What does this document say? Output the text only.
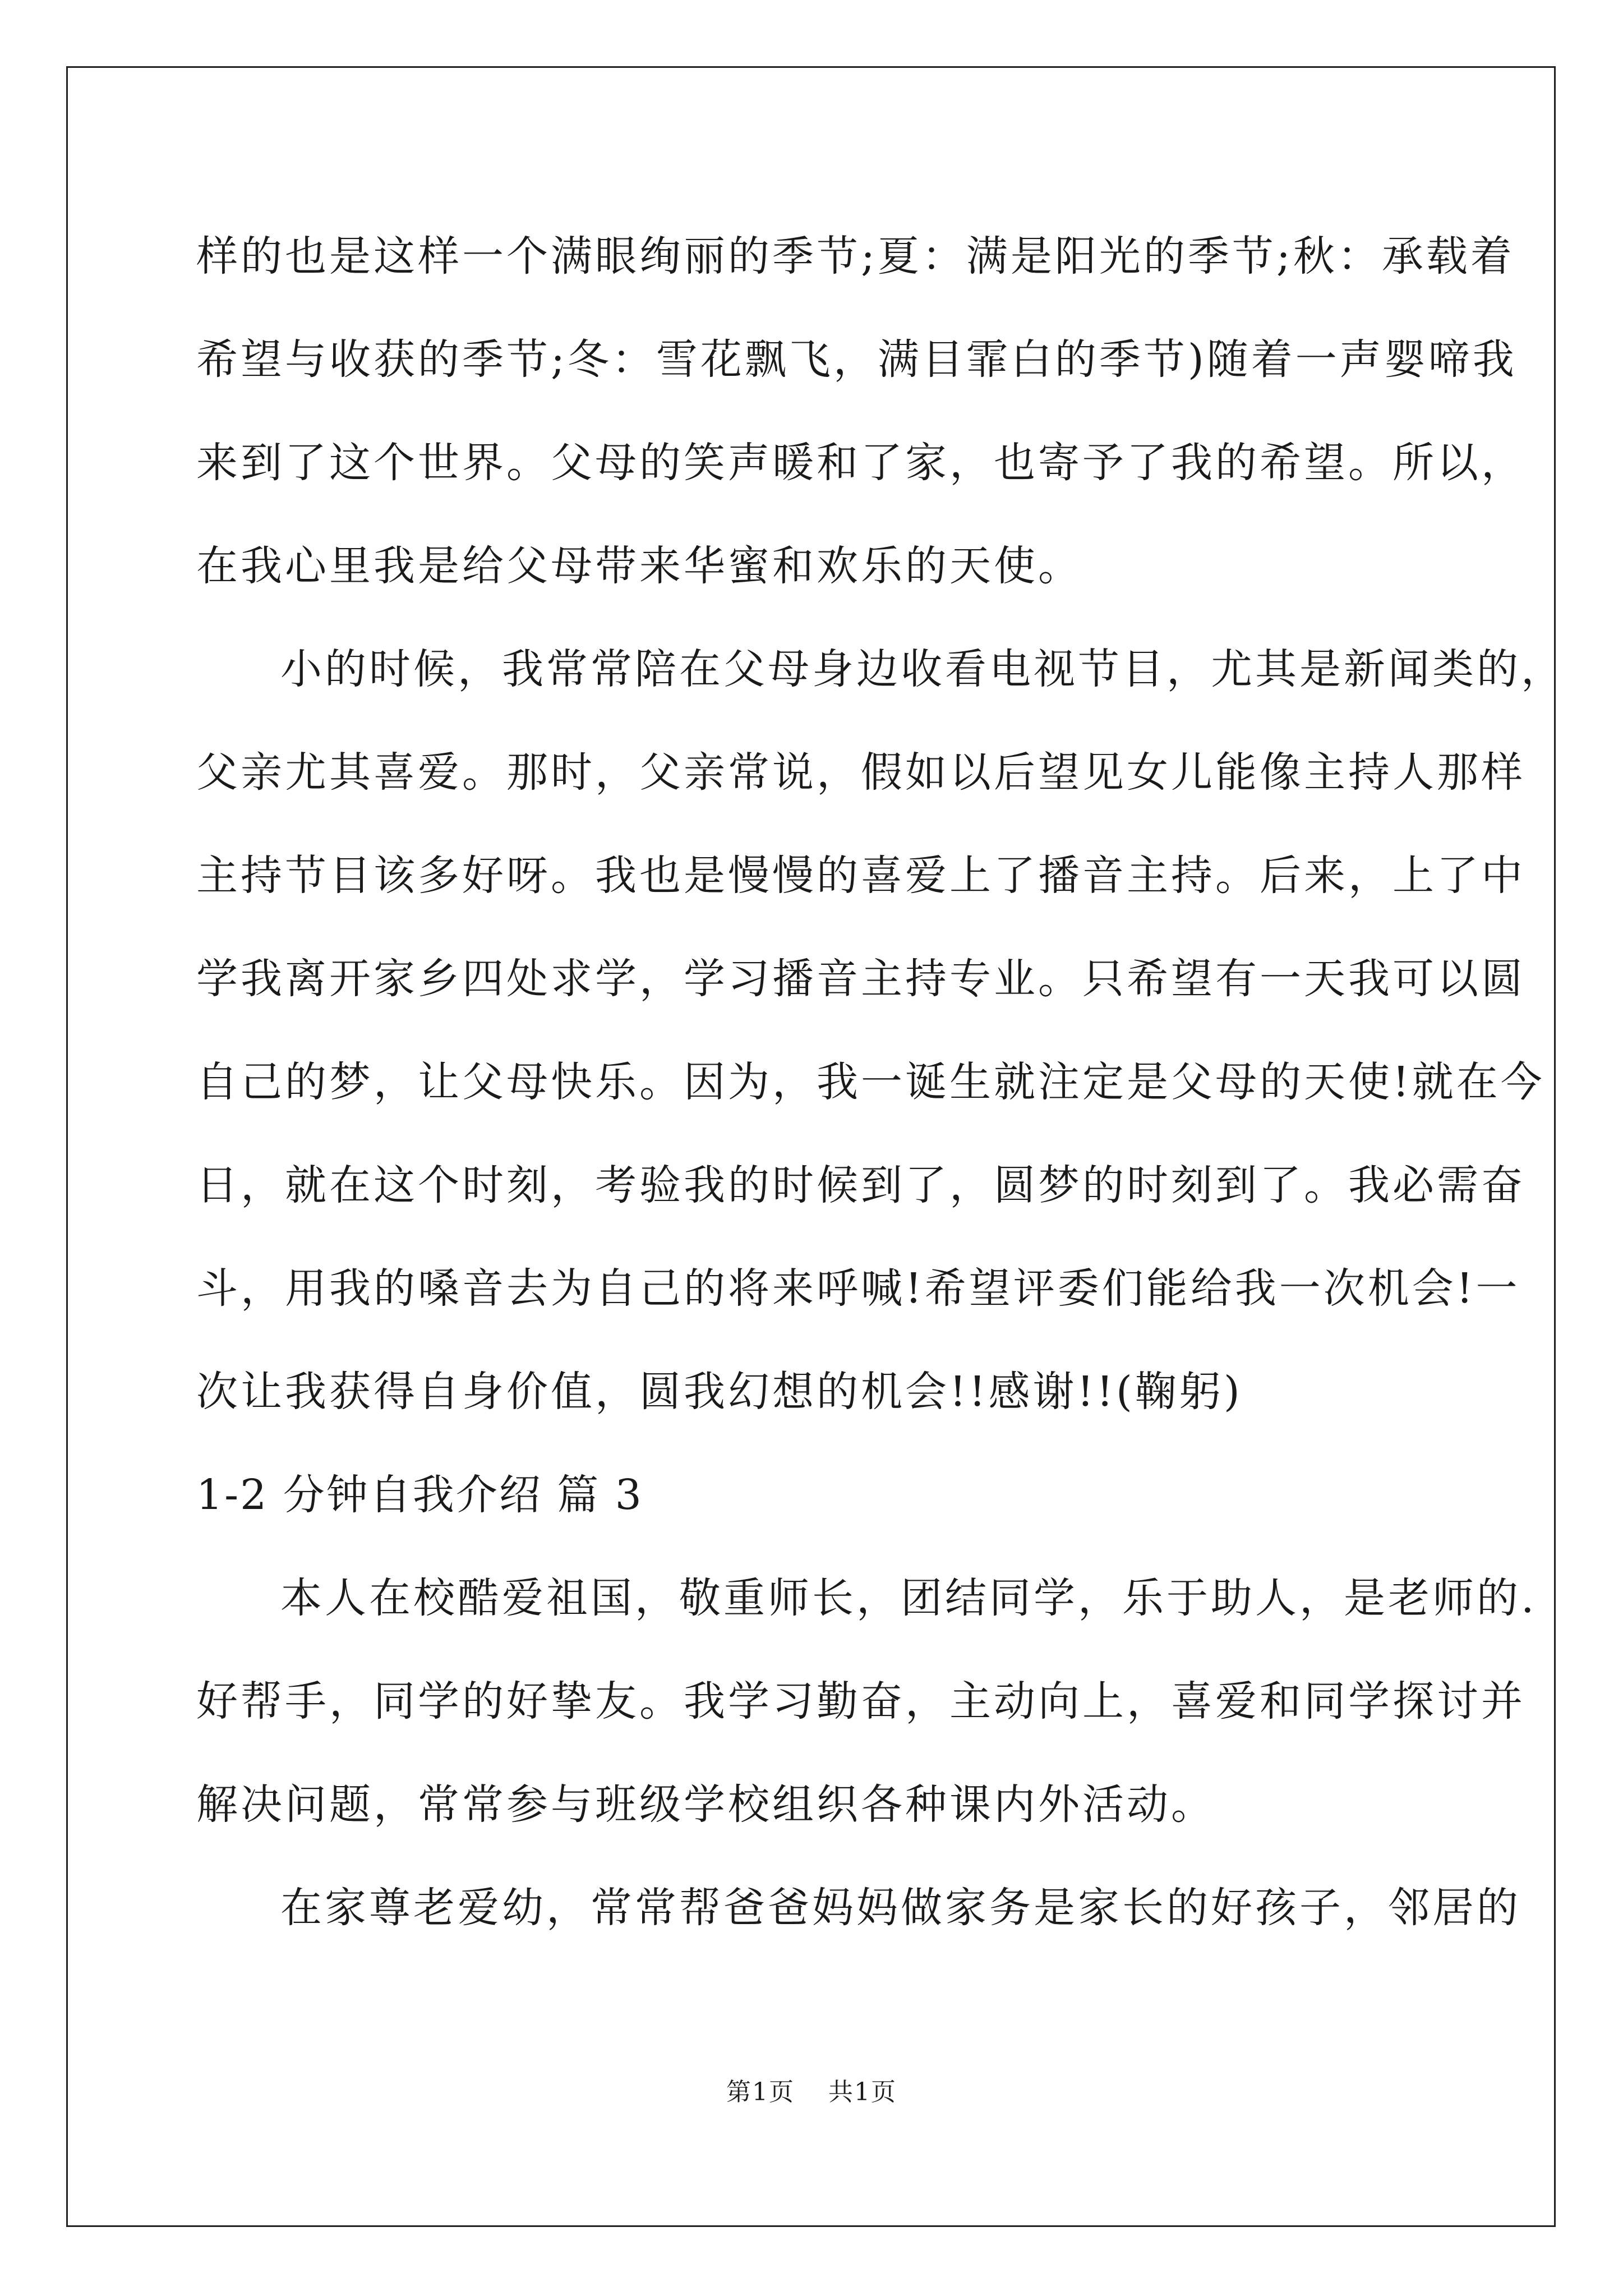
样的也是这样一个满眼绚丽的季节;夏：满是阳光的季节;秋：承载着
希望与收获的季节;冬：雪花飘飞，满目霏白的季节)随着一声婴啼我
来到了这个世界。父母的笑声暖和了家，也寄予了我的希望。所以，
在我心里我是给父母带来华蜜和欢乐的天使。
小的时候，我常常陪在父母身边收看电视节目，尤其是新闻类的，
父亲尤其喜爱。那时，父亲常说，假如以后望见女儿能像主持人那样
主持节目该多好呀。我也是慢慢的喜爱上了播音主持。后来，上了中
学我离开家乡四处求学，学习播音主持专业。只希望有一天我可以圆
自己的梦，让父母快乐。因为，我一诞生就注定是父母的天使!就在今
日，就在这个时刻，考验我的时候到了，圆梦的时刻到了。我必需奋
斗，用我的嗓音去为自己的将来呼喊!希望评委们能给我一次机会!一
次让我获得自身价值，圆我幻想的机会!!感谢!!(鞠躬)
1-2 分钟自我介绍 篇 3
本人在校酷爱祖国，敬重师长，团结同学，乐于助人，是老师的.
好帮手，同学的好挚友。我学习勤奋，主动向上，喜爱和同学探讨并
解决问题，常常参与班级学校组织各种课内外活动。
在家尊老爱幼，常常帮爸爸妈妈做家务是家长的好孩子，邻居的
第1页 共1页
